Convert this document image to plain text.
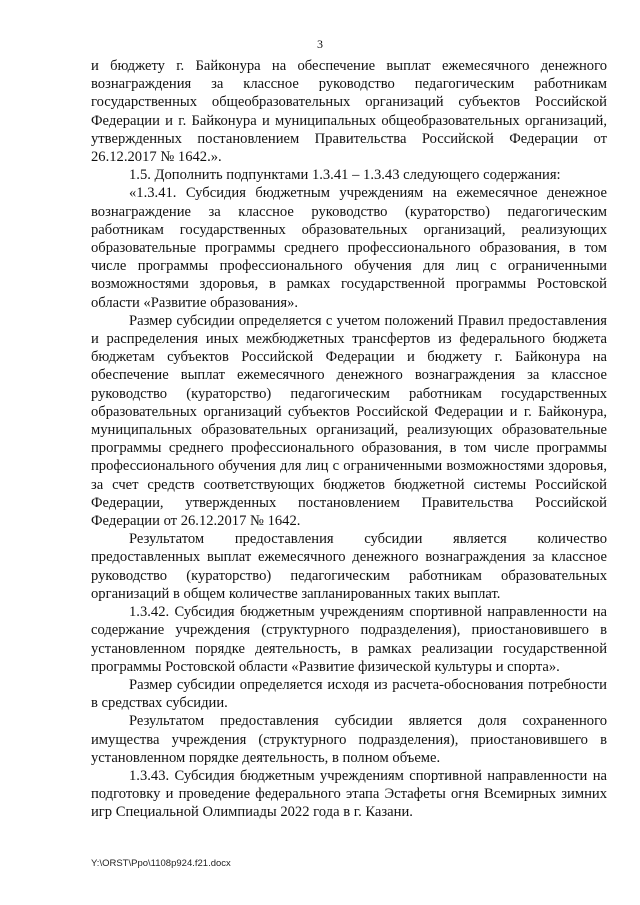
3

и бюджету г. Байконура на обеспечение выплат ежемесячного денежного вознаграждения за классное руководство педагогическим работникам государственных общеобразовательных организаций субъектов Российской Федерации и г. Байконура и муниципальных общеобразовательных организаций, утвержденных постановлением Правительства Российской Федерации от 26.12.2017 № 1642.».

1.5. Дополнить подпунктами 1.3.41 – 1.3.43 следующего содержания:

«1.3.41. Субсидия бюджетным учреждениям на ежемесячное денежное вознаграждение за классное руководство (кураторство) педагогическим работникам государственных образовательных организаций, реализующих образовательные программы среднего профессионального образования, в том числе программы профессионального обучения для лиц с ограниченными возможностями здоровья, в рамках государственной программы Ростовской области «Развитие образования».

Размер субсидии определяется с учетом положений Правил предоставления и распределения иных межбюджетных трансфертов из федерального бюджета бюджетам субъектов Российской Федерации и бюджету г. Байконура на обеспечение выплат ежемесячного денежного вознаграждения за классное руководство (кураторство) педагогическим работникам государственных образовательных организаций субъектов Российской Федерации и г. Байконура, муниципальных образовательных организаций, реализующих образовательные программы среднего профессионального образования, в том числе программы профессионального обучения для лиц с ограниченными возможностями здоровья, за счет средств соответствующих бюджетов бюджетной системы Российской Федерации, утвержденных постановлением Правительства Российской Федерации от 26.12.2017 № 1642.

Результатом предоставления субсидии является количество предоставленных выплат ежемесячного денежного вознаграждения за классное руководство (кураторство) педагогическим работникам образовательных организаций в общем количестве запланированных таких выплат.

1.3.42. Субсидия бюджетным учреждениям спортивной направленности на содержание учреждения (структурного подразделения), приостановившего в установленном порядке деятельность, в рамках реализации государственной программы Ростовской области «Развитие физической культуры и спорта».

Размер субсидии определяется исходя из расчета-обоснования потребности в средствах субсидии.

Результатом предоставления субсидии является доля сохраненного имущества учреждения (структурного подразделения), приостановившего в установленном порядке деятельность, в полном объеме.

1.3.43. Субсидия бюджетным учреждениям спортивной направленности на подготовку и проведение федерального этапа Эстафеты огня Всемирных зимних игр Специальной Олимпиады 2022 года в г. Казани.

Y:\ORST\Ppo\1108p924.f21.docx
